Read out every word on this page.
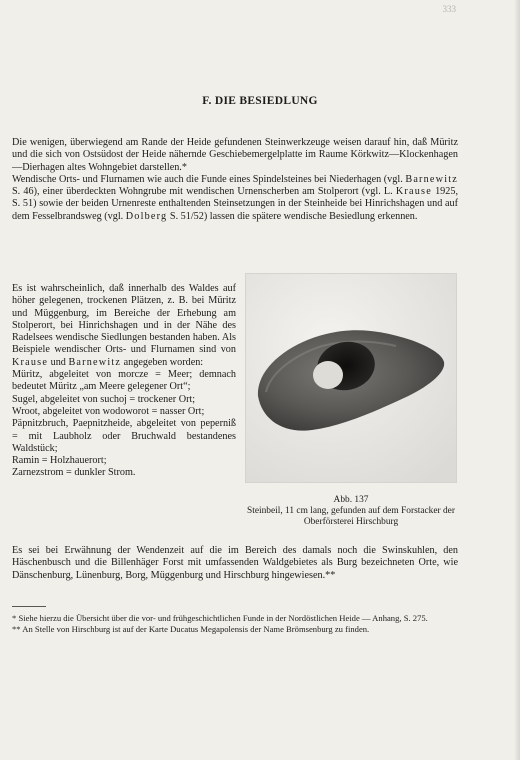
333
F. DIE BESIEDLUNG

Die wenigen, überwiegend am Rande der Heide gefundenen Steinwerkzeuge weisen darauf hin, daß Müritz und die sich von Ostsüdost der Heide nähernde Geschiebemergelplatte im Raume Körkwitz—Klockenhagen—Dierhagen altes Wohngebiet darstellen.*

Wendische Orts- und Flurnamen wie auch die Funde eines Spindelsteines bei Niederhagen (vgl. Barnewitz S. 46), einer überdeckten Wohngrube mit wendischen Urnenscherben am Stolperort (vgl. L. Krause 1925, S. 51) sowie der beiden Urnenreste enthaltenden Steinsetzungen in der Steinheide bei Hinrichshagen und auf dem Fesselbrandsweg (vgl. Dolberg S. 51/52) lassen die spätere wendische Besiedlung erkennen.

Es ist wahrscheinlich, daß innerhalb des Waldes auf höher gelegenen, trockenen Plätzen, z. B. bei Müritz und Müggenburg, im Bereiche der Erhebung am Stolperort, bei Hinrichshagen und in der Nähe des Radelsees wendische Siedlungen bestanden haben. Als Beispiele wendischer Orts- und Flurnamen sind von Krause und Barnewitz angegeben worden:

Müritz, abgeleitet von morcze = Meer; demnach bedeutet Müritz „am Meere gelegener Ort“;

Sugel, abgeleitet von suchoj = trockener Ort;

Wroot, abgeleitet von wodoworot = nasser Ort;

Päpnitzbruch, Paepnitzheide, abgeleitet von peperniß = mit Laubholz oder Bruchwald bestandenes Waldstück;

Ramin = Holzhauerort;

Zarnezstrom = dunkler Strom.

Abb. 137
Steinbeil, 11 cm lang, gefunden auf dem Forstacker der Oberförsterei Hirschburg

Es sei bei Erwähnung der Wendenzeit auf die im Bereich des damals noch die Swinskuhlen, den Häschenbusch und die Billenhäger Forst mit umfassenden Waldgebietes als Burg bezeichneten Orte, wie Dänschenburg, Lünenburg, Borg, Müggenburg und Hirschburg hingewiesen.**

* Siehe hierzu die Übersicht über die vor- und frühgeschichtlichen Funde in der Nordöstlichen Heide — Anhang, S. 275.

** An Stelle von Hirschburg ist auf der Karte Ducatus Megapolensis der Name Brömsenburg zu finden.
